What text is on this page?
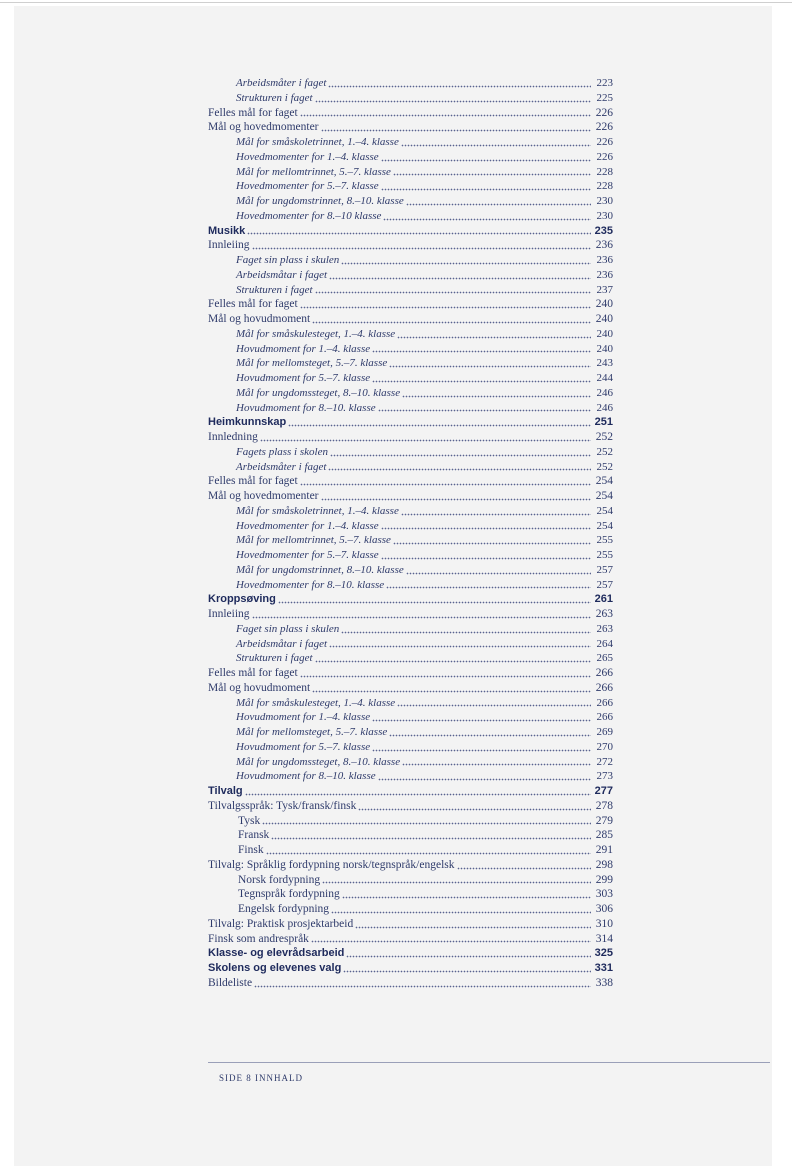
Arbeidsmåter i faget	223
Strukturen i faget	225
Felles mål for faget	226
Mål og hovedmomenter	226
Mål for småskoletrinnet, 1.–4. klasse	226
Hovedmomenter for 1.–4. klasse	226
Mål for mellomtrinnet, 5.–7. klasse	228
Hovedmomenter for 5.–7. klasse	228
Mål for ungdomstrinnet, 8.–10. klasse	230
Hovedmomenter for 8.–10 klasse	230
Musikk	235
Innleiing	236
Faget sin plass i skulen	236
Arbeidsmåtar i faget	236
Strukturen i faget	237
Felles mål for faget	240
Mål og hovudmoment	240
Mål for småskulesteget, 1.–4. klasse	240
Hovudmoment for 1.–4. klasse	240
Mål for mellomsteget, 5.–7. klasse	243
Hovudmoment for 5.–7. klasse	244
Mål for ungdomssteget, 8.–10. klasse	246
Hovudmoment for 8.–10. klasse	246
Heimkunnskap	251
Innledning	252
Fagets plass i skolen	252
Arbeidsmåter i faget	252
Felles mål for faget	254
Mål og hovedmomenter	254
Mål for småskoletrinnet, 1.–4. klasse	254
Hovedmomenter for 1.–4. klasse	254
Mål for mellomtrinnet, 5.–7. klasse	255
Hovedmomenter for 5.–7. klasse	255
Mål for ungdomstrinnet, 8.–10. klasse	257
Hovedmomenter for 8.–10. klasse	257
Kroppsøving	261
Innleiing	263
Faget sin plass i skulen	263
Arbeidsmåtar i faget	264
Strukturen i faget	265
Felles mål for faget	266
Mål og hovudmoment	266
Mål for småskulesteget, 1.–4. klasse	266
Hovudmoment for 1.–4. klasse	266
Mål for mellomsteget, 5.–7. klasse	269
Hovudmoment for 5.–7. klasse	270
Mål for ungdomssteget, 8.–10. klasse	272
Hovudmoment for 8.–10. klasse	273
Tilvalg	277
Tilvalgsspråk: Tysk/fransk/finsk	278
Tysk	279
Fransk	285
Finsk	291
Tilvalg: Språklig fordypning norsk/tegnspråk/engelsk	298
Norsk fordypning	299
Tegnspråk fordypning	303
Engelsk fordypning	306
Tilvalg: Praktisk prosjektarbeid	310
Finsk som andrespråk	314
Klasse- og elevrådsarbeid	325
Skolens og elevenes valg	331
Bildeliste	338
SIDE 8 INNHALD
